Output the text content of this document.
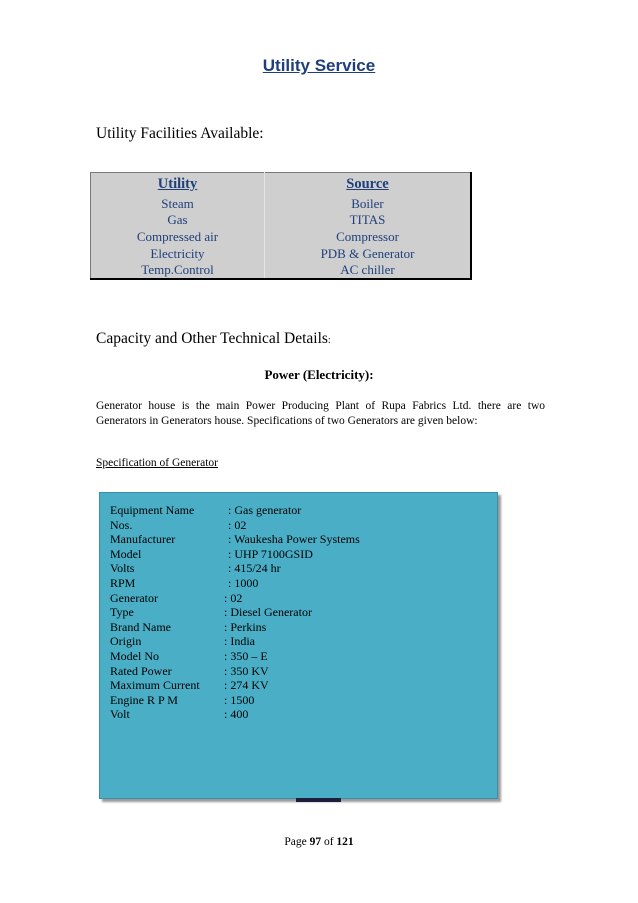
Utility Service
Utility Facilities Available:
Utility	Source
Steam	Boiler
Gas	TITAS
Compressed air	Compressor
Electricity	PDB & Generator
Temp.Control	AC chiller
Capacity and Other Technical Details:
Power (Electricity):
Generator house is the main Power Producing Plant of Rupa Fabrics Ltd. there are two Generators in Generators house. Specifications of two Generators are given below:
Specification of Generator
Equipment Name	: Gas generator
Nos.	: 02
Manufacturer	: Waukesha Power Systems
Model	: UHP 7100GSID
Volts	: 415/24 hr
RPM	: 1000
Generator	: 02
Type	: Diesel Generator
Brand Name	: Perkins
Origin	: India
Model No	: 350 – E
Rated Power	: 350 KV
Maximum Current : 274 KV
Engine R P M	: 1500
Volt	: 400
Page 97 of 121
